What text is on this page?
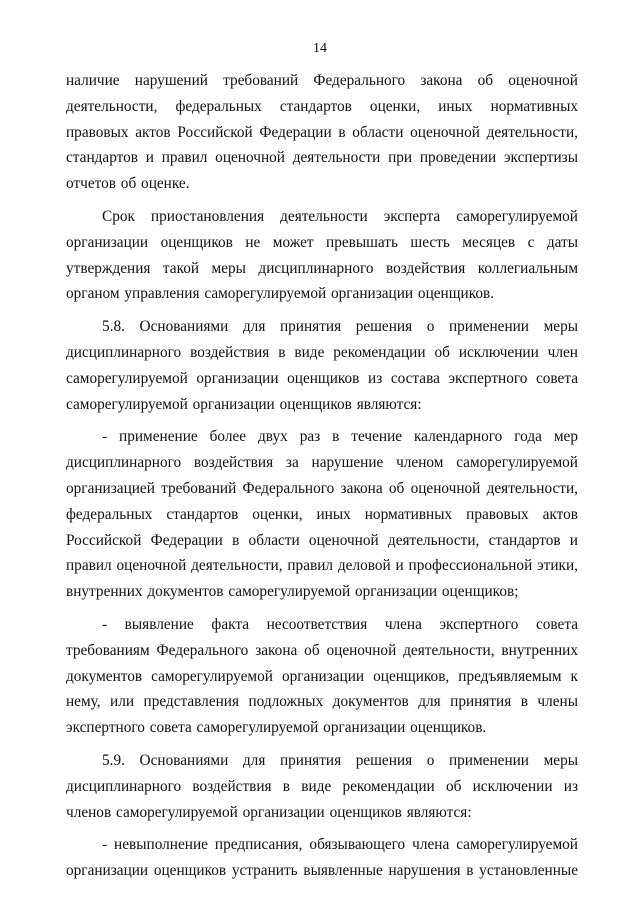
14

наличие нарушений требований Федерального закона об оценочной деятельности, федеральных стандартов оценки, иных нормативных правовых актов Российской Федерации в области оценочной деятельности, стандартов и правил оценочной деятельности при проведении экспертизы отчетов об оценке.

Срок приостановления деятельности эксперта саморегулируемой организации оценщиков не может превышать шесть месяцев с даты утверждения такой меры дисциплинарного воздействия коллегиальным органом управления саморегулируемой организации оценщиков.

5.8. Основаниями для принятия решения о применении меры дисциплинарного воздействия в виде рекомендации об исключении член саморегулируемой организации оценщиков из состава экспертного совета саморегулируемой организации оценщиков являются:

- применение более двух раз в течение календарного года мер дисциплинарного воздействия за нарушение членом саморегулируемой организацией требований Федерального закона об оценочной деятельности, федеральных стандартов оценки, иных нормативных правовых актов Российской Федерации в области оценочной деятельности, стандартов и правил оценочной деятельности, правил деловой и профессиональной этики, внутренних документов саморегулируемой организации оценщиков;

- выявление факта несоответствия члена экспертного совета требованиям Федерального закона об оценочной деятельности, внутренних документов саморегулируемой организации оценщиков, предъявляемым к нему, или представления подложных документов для принятия в члены экспертного совета саморегулируемой организации оценщиков.

5.9. Основаниями для принятия решения о применении меры дисциплинарного воздействия в виде рекомендации об исключении из членов саморегулируемой организации оценщиков являются:

- невыполнение предписания, обязывающего члена саморегулируемой организации оценщиков устранить выявленные нарушения в установленные
